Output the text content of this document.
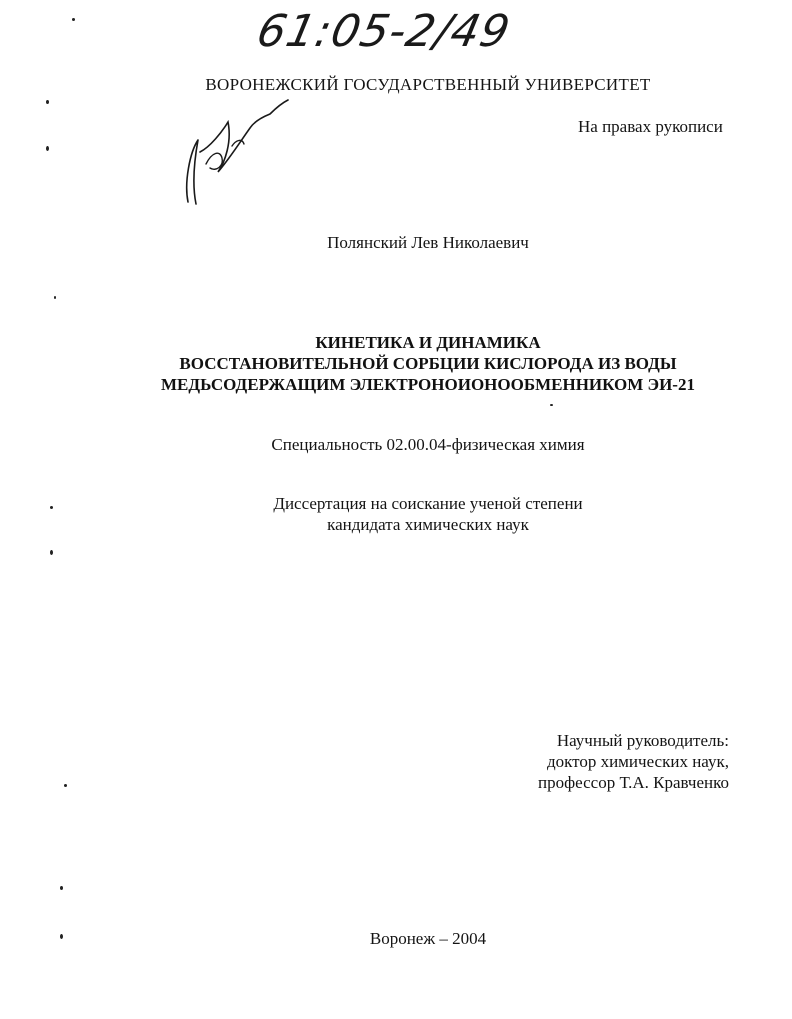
61:05-2/49
ВОРОНЕЖСКИЙ ГОСУДАРСТВЕННЫЙ УНИВЕРСИТЕТ
На правах рукописи
Полянский Лев Николаевич
КИНЕТИКА И ДИНАМИКА
ВОССТАНОВИТЕЛЬНОЙ СОРБЦИИ КИСЛОРОДА ИЗ ВОДЫ
МЕДЬСОДЕРЖАЩИМ ЭЛЕКТРОНОИОНООБМЕННИКОМ ЭИ-21
Специальность 02.00.04-физическая химия
Диссертация на соискание ученой степени
кандидата химических наук
Научный руководитель:
доктор химических наук,
профессор Т.А. Кравченко
Воронеж – 2004
